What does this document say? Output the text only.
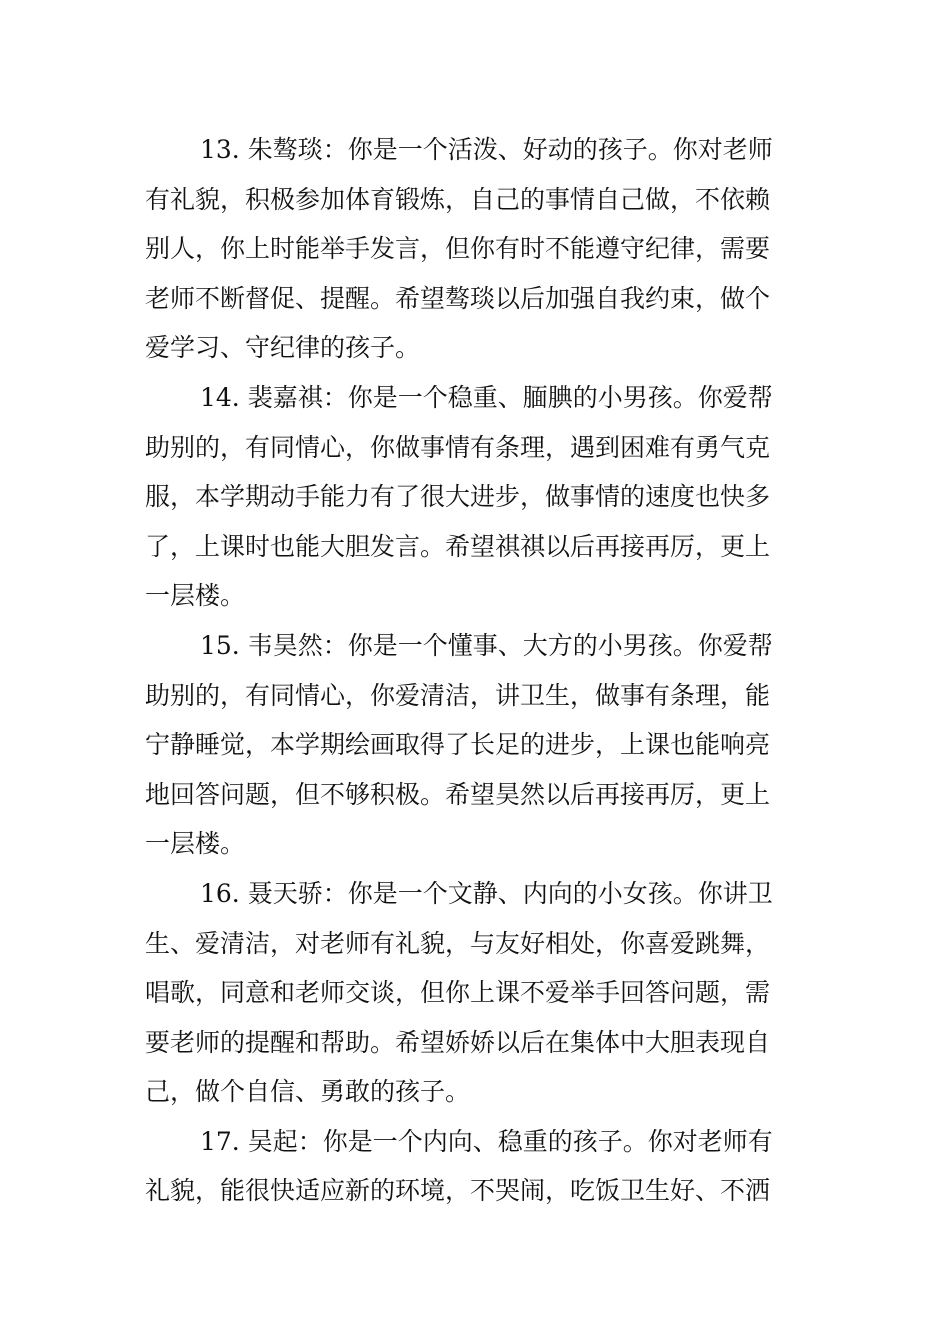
13. 朱骜琰：你是一个活泼、好动的孩子。你对老师
有礼貌，积极参加体育锻炼，自己的事情自己做，不依赖
别人，你上时能举手发言，但你有时不能遵守纪律，需要
老师不断督促、提醒。希望骜琰以后加强自我约束，做个
爱学习、守纪律的孩子。
14. 裴嘉祺：你是一个稳重、腼腆的小男孩。你爱帮
助别的，有同情心，你做事情有条理，遇到困难有勇气克
服，本学期动手能力有了很大进步，做事情的速度也快多
了，上课时也能大胆发言。希望祺祺以后再接再厉，更上
一层楼。
15. 韦昊然：你是一个懂事、大方的小男孩。你爱帮
助别的，有同情心，你爱清洁，讲卫生，做事有条理，能
宁静睡觉，本学期绘画取得了长足的进步，上课也能响亮
地回答问题，但不够积极。希望昊然以后再接再厉，更上
一层楼。
16. 聂天骄：你是一个文静、内向的小女孩。你讲卫
生、爱清洁，对老师有礼貌，与友好相处，你喜爱跳舞，
唱歌，同意和老师交谈，但你上课不爱举手回答问题，需
要老师的提醒和帮助。希望娇娇以后在集体中大胆表现自
己，做个自信、勇敢的孩子。
17. 吴起：你是一个内向、稳重的孩子。你对老师有
礼貌，能很快适应新的环境，不哭闹，吃饭卫生好、不洒
